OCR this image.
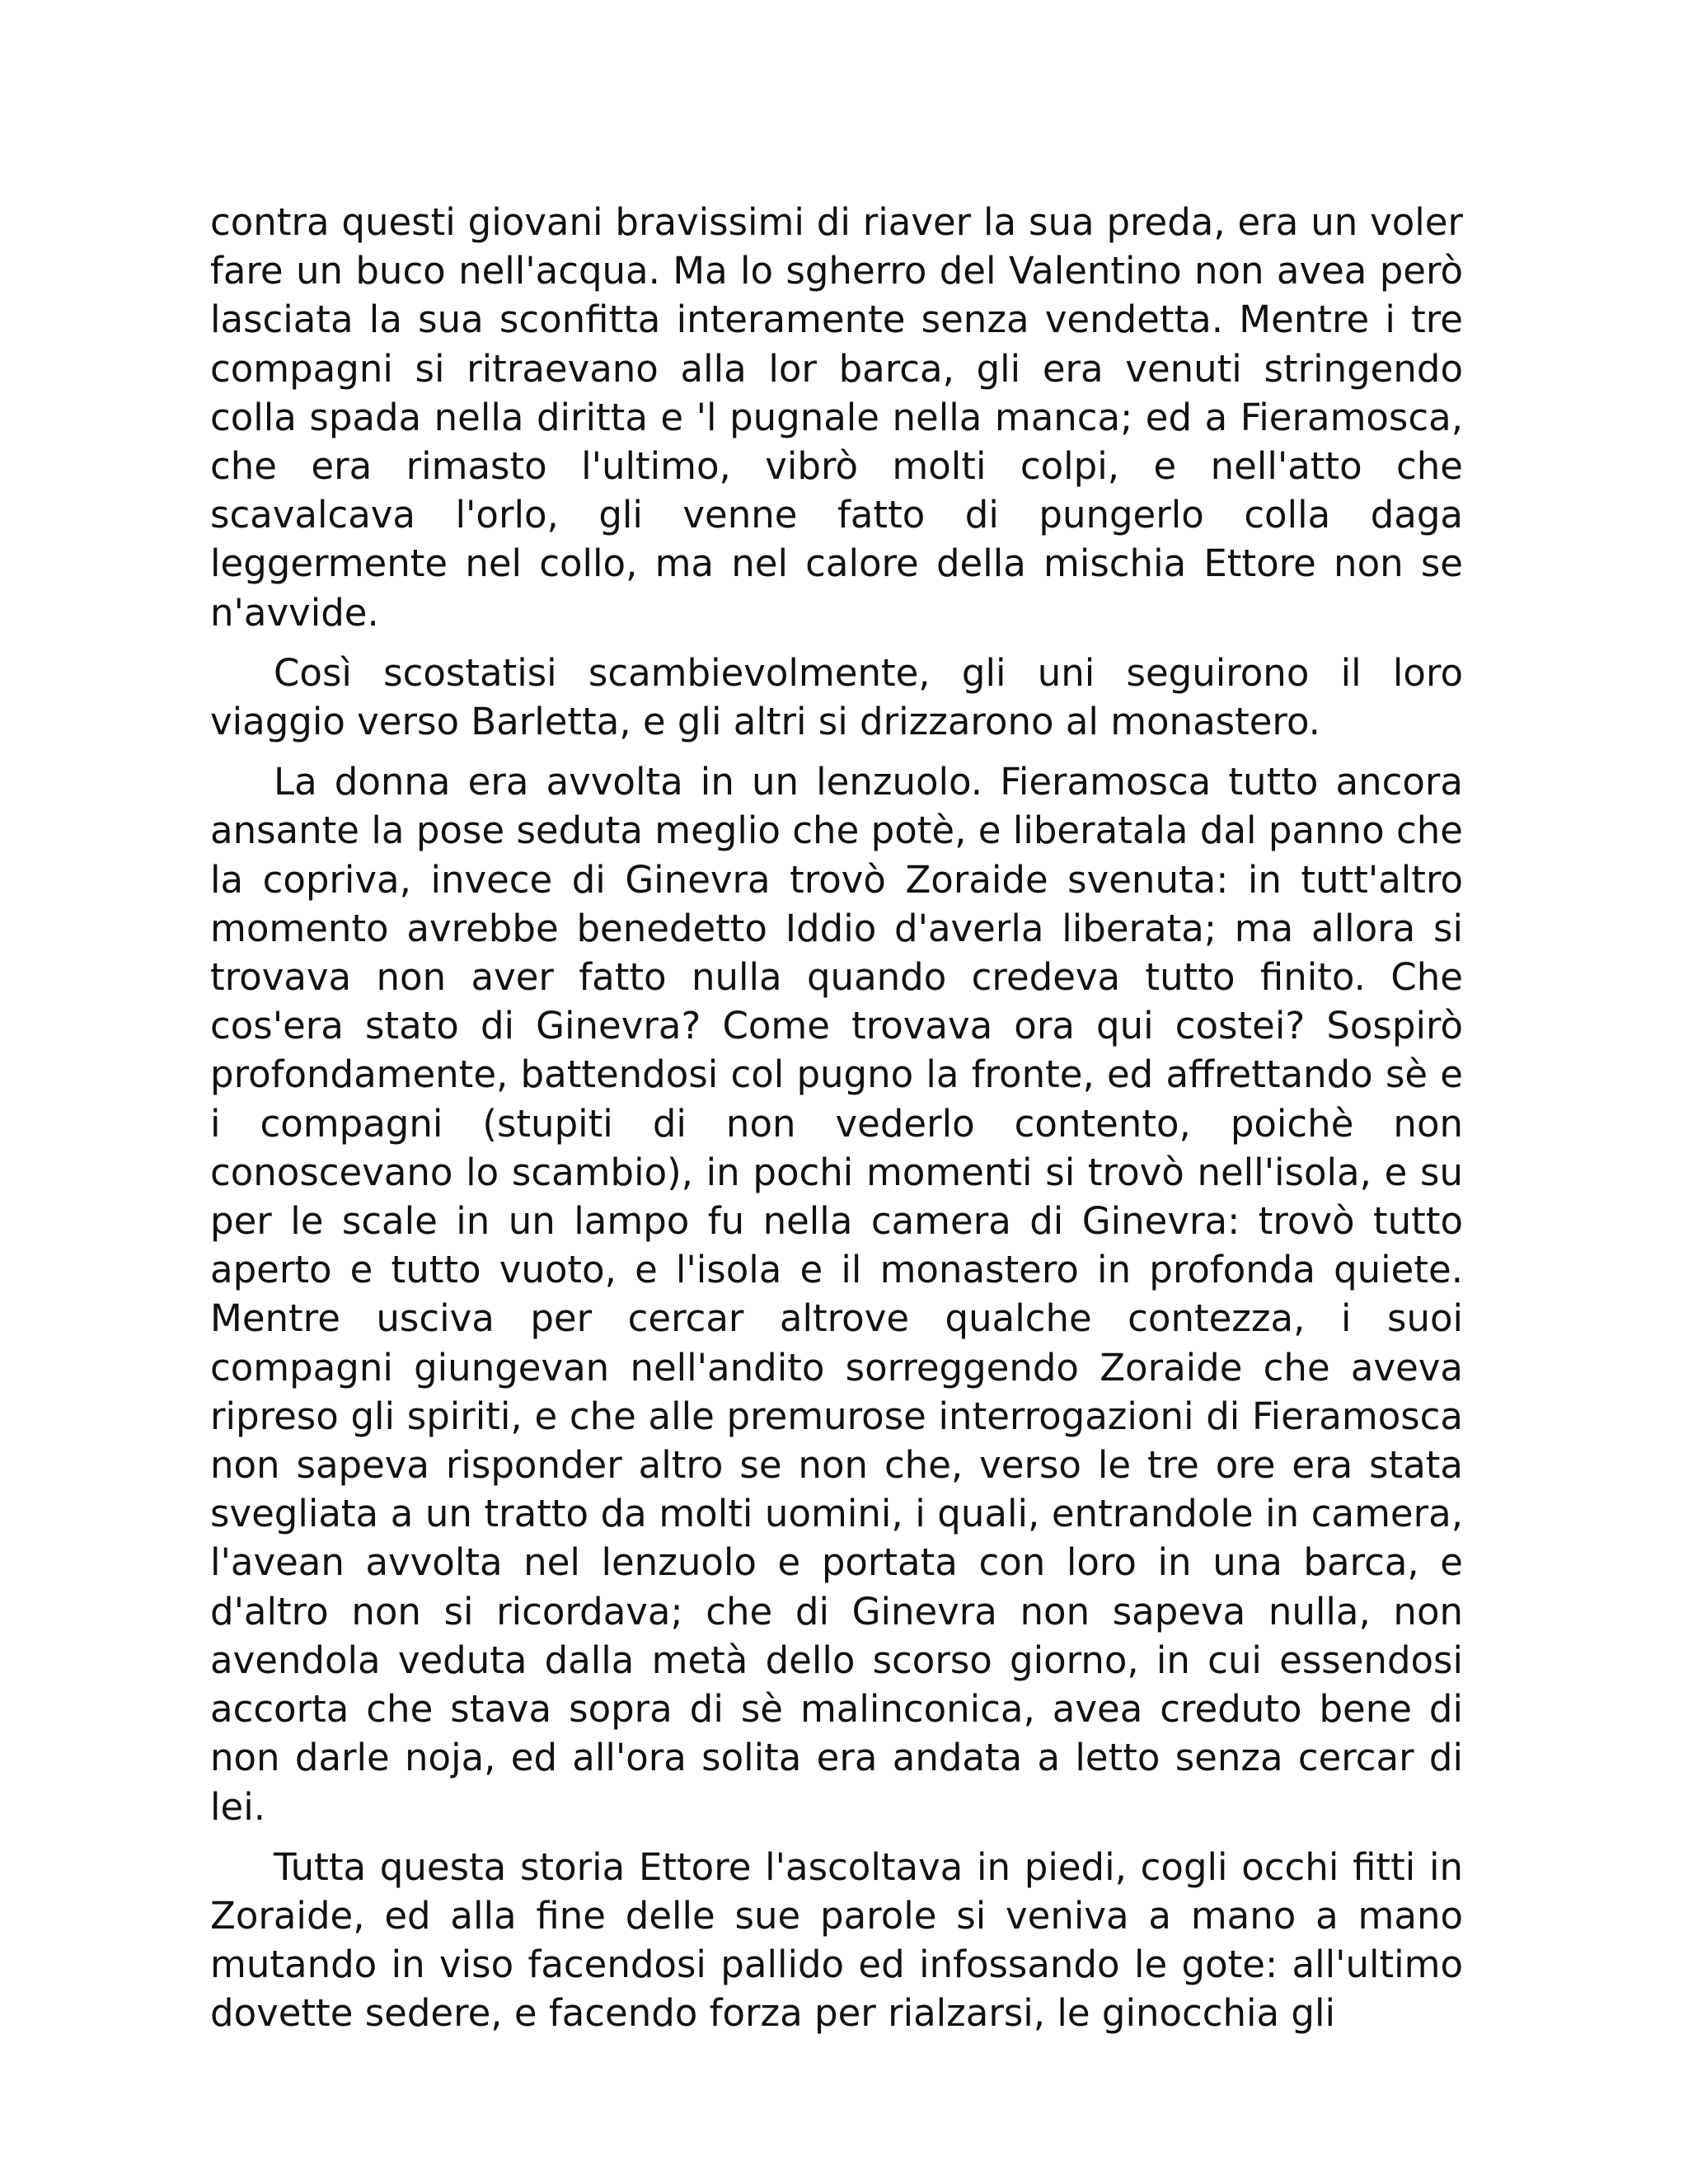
contra questi giovani bravissimi di riaver la sua preda, era un voler fare un buco nell'acqua. Ma lo sgherro del Valentino non avea però lasciata la sua sconfitta interamente senza vendetta. Mentre i tre compagni si ritraevano alla lor barca, gli era venuti stringendo colla spada nella diritta e 'l pugnale nella manca; ed a Fieramosca, che era rimasto l'ultimo, vibrò molti colpi, e nell'atto che scavalcava l'orlo, gli venne fatto di pungerlo colla daga leggermente nel collo, ma nel calore della mischia Ettore non se n'avvide.

Così scostatisi scambievolmente, gli uni seguirono il loro viaggio verso Barletta, e gli altri si drizzarono al monastero.

La donna era avvolta in un lenzuolo. Fieramosca tutto ancora ansante la pose seduta meglio che potè, e liberatala dal panno che la copriva, invece di Ginevra trovò Zoraide svenuta: in tutt'altro momento avrebbe benedetto Iddio d'averla liberata; ma allora si trovava non aver fatto nulla quando credeva tutto finito. Che cos'era stato di Ginevra? Come trovava ora qui costei? Sospirò profondamente, battendosi col pugno la fronte, ed affrettando sè e i compagni (stupiti di non vederlo contento, poichè non conoscevano lo scambio), in pochi momenti si trovò nell'isola, e su per le scale in un lampo fu nella camera di Ginevra: trovò tutto aperto e tutto vuoto, e l'isola e il monastero in profonda quiete. Mentre usciva per cercar altrove qualche contezza, i suoi compagni giungevan nell'andito sorreggendo Zoraide che aveva ripreso gli spiriti, e che alle premurose interrogazioni di Fieramosca non sapeva risponder altro se non che, verso le tre ore era stata svegliata a un tratto da molti uomini, i quali, entrandole in camera, l'avean avvolta nel lenzuolo e portata con loro in una barca, e d'altro non si ricordava; che di Ginevra non sapeva nulla, non avendola veduta dalla metà dello scorso giorno, in cui essendosi accorta che stava sopra di sè malinconica, avea creduto bene di non darle noja, ed all'ora solita era andata a letto senza cercar di lei.

Tutta questa storia Ettore l'ascoltava in piedi, cogli occhi fitti in Zoraide, ed alla fine delle sue parole si veniva a mano a mano mutando in viso facendosi pallido ed infossando le gote: all'ultimo dovette sedere, e facendo forza per rialzarsi, le ginocchia gli
